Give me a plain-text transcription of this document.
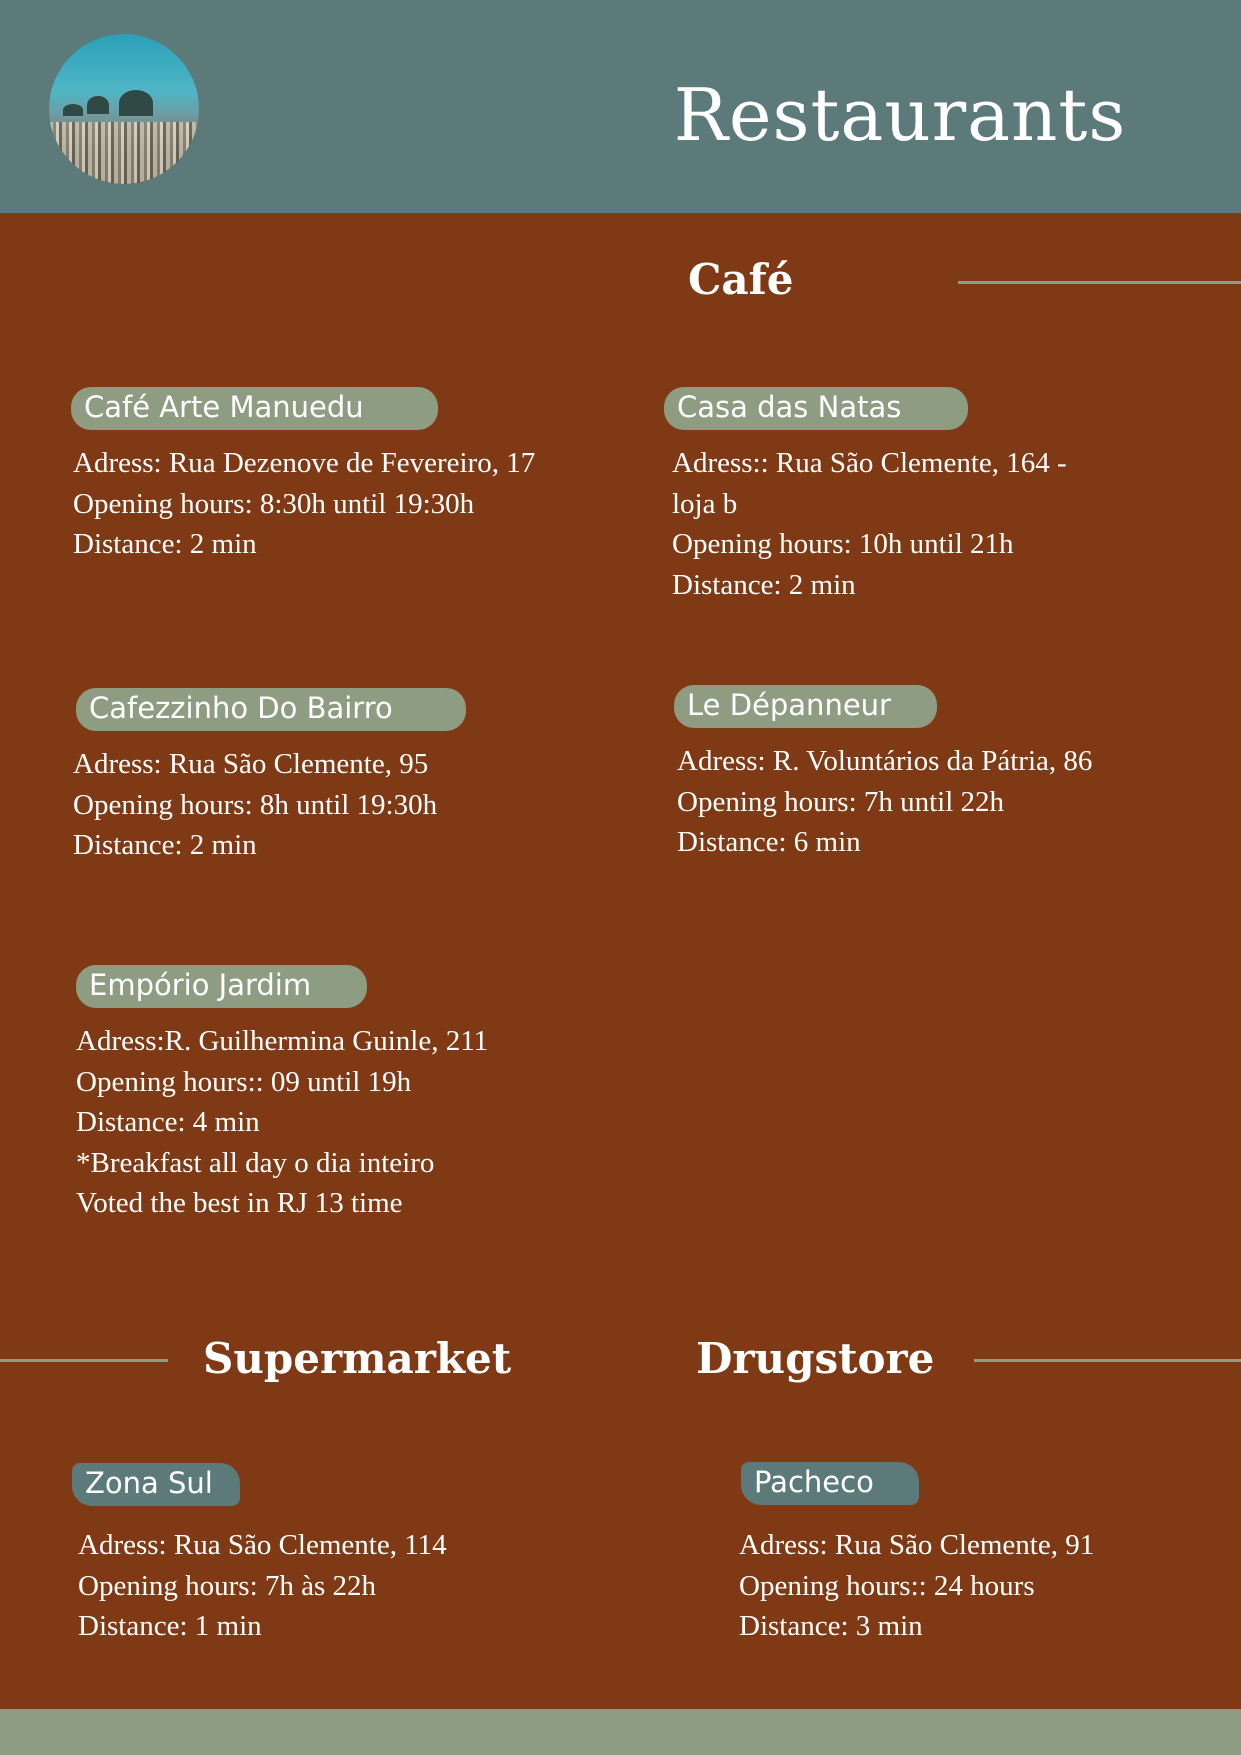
Restaurants
Café
Café Arte Manuedu
Adress: Rua Dezenove de Fevereiro, 17
Opening hours: 8:30h until 19:30h
Distance: 2 min
Casa das Natas
Adress:: Rua São Clemente, 164 -
loja b
Opening hours: 10h until 21h
Distance: 2 min
Cafezzinho Do Bairro
Adress: Rua São Clemente, 95
Opening hours: 8h until 19:30h
Distance: 2 min
Le Dépanneur
Adress: R. Voluntários da Pátria, 86
Opening hours: 7h until 22h
Distance: 6 min
Empório Jardim
Adress:R. Guilhermina Guinle, 211
Opening hours:: 09 until 19h
Distance: 4 min
*Breakfast all day o dia inteiro
Voted the best in RJ 13 time
Supermarket	Drugstore
Zona Sul
Adress: Rua São Clemente, 114
Opening hours: 7h às 22h
Distance: 1 min
Pacheco
Adress: Rua São Clemente, 91
Opening hours:: 24 hours
Distance: 3 min
